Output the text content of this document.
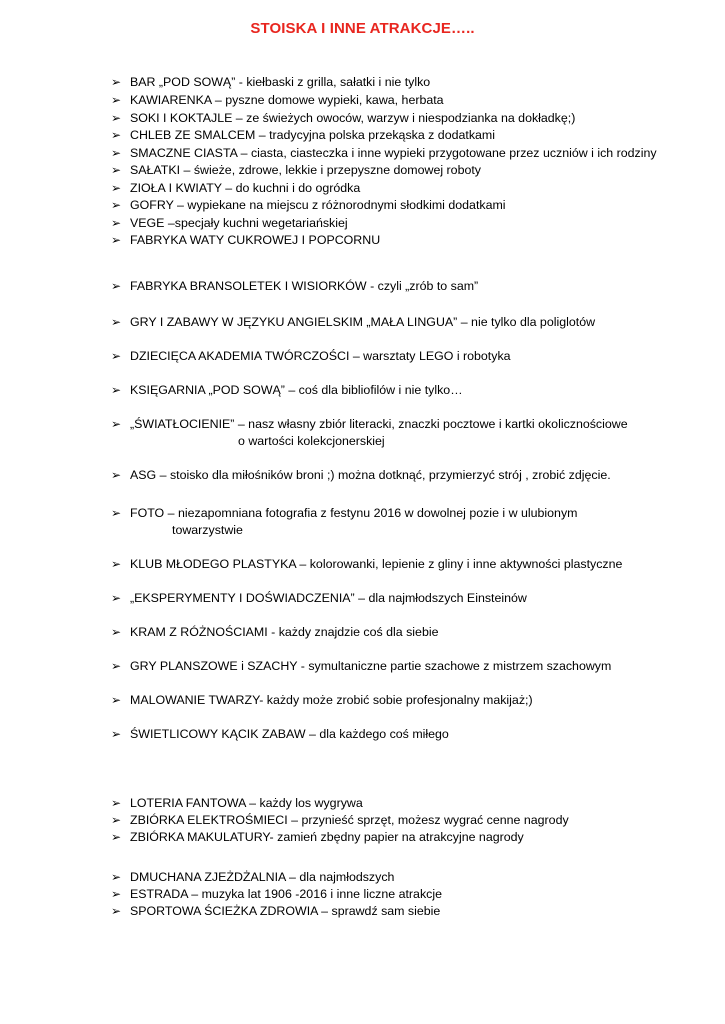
STOISKA I INNE ATRAKCJE…..
➢ BAR „POD SOWĄ” - kiełbaski z grilla, sałatki i nie tylko
➢ KAWIARENKA – pyszne domowe wypieki, kawa, herbata
➢ SOKI I KOKTAJLE – ze świeżych owoców, warzyw i niespodzianka na dokładkę;)
➢ CHLEB ZE SMALCEM – tradycyjna polska przekąska z dodatkami
➢ SMACZNE CIASTA – ciasta, ciasteczka i inne wypieki przygotowane przez uczniów i ich rodziny
➢ SAŁATKI – świeże, zdrowe, lekkie i przepyszne domowej roboty
➢ ZIOŁA I KWIATY – do kuchni i do ogródka
➢ GOFRY – wypiekane na miejscu z różnorodnymi słodkimi dodatkami
➢ VEGE –specjały kuchni wegetariańskiej
➢ FABRYKA WATY CUKROWEJ I POPCORNU
➢ FABRYKA BRANSOLETEK I WISIORKÓW - czyli „zrób to sam”
➢ GRY I ZABAWY W JĘZYKU ANGIELSKIM „MAŁA LINGUA” – nie tylko dla poliglotów
➢ DZIECIĘCA AKADEMIA TWÓRCZOŚCI – warsztaty LEGO i robotyka
➢ KSIĘGARNIA „POD SOWĄ” – coś dla bibliofilów i nie tylko…
➢ „ŚWIATŁOCIENIE” – nasz własny zbiór literacki, znaczki pocztowe i kartki okolicznościowe
o wartości kolekcjonerskiej
➢ ASG – stoisko dla miłośników broni ;) można dotknąć, przymierzyć strój , zrobić zdjęcie.
➢ FOTO – niezapomniana fotografia z festynu 2016 w dowolnej pozie i w ulubionym
towarzystwie
➢ KLUB MŁODEGO PLASTYKA – kolorowanki, lepienie z gliny i inne aktywności plastyczne
➢ „EKSPERYMENTY I DOŚWIADCZENIA” – dla najmłodszych Einsteinów
➢ KRAM Z RÓŻNOŚCIAMI - każdy znajdzie coś dla siebie
➢ GRY PLANSZOWE i SZACHY - symultaniczne partie szachowe z mistrzem szachowym
➢ MALOWANIE TWARZY- każdy może zrobić sobie profesjonalny makijaż;)
➢ ŚWIETLICOWY KĄCIK ZABAW – dla każdego coś miłego
➢ LOTERIA FANTOWA – każdy los wygrywa
➢ ZBIÓRKA ELEKTROŚMIECI – przynieść sprzęt, możesz wygrać cenne nagrody
➢ ZBIÓRKA MAKULATURY- zamień zbędny papier na atrakcyjne nagrody
➢ DMUCHANA ZJEŻDŻALNIA – dla najmłodszych
➢ ESTRADA – muzyka lat 1906 -2016 i inne liczne atrakcje
➢ SPORTOWA ŚCIEŻKA ZDROWIA – sprawdź sam siebie
